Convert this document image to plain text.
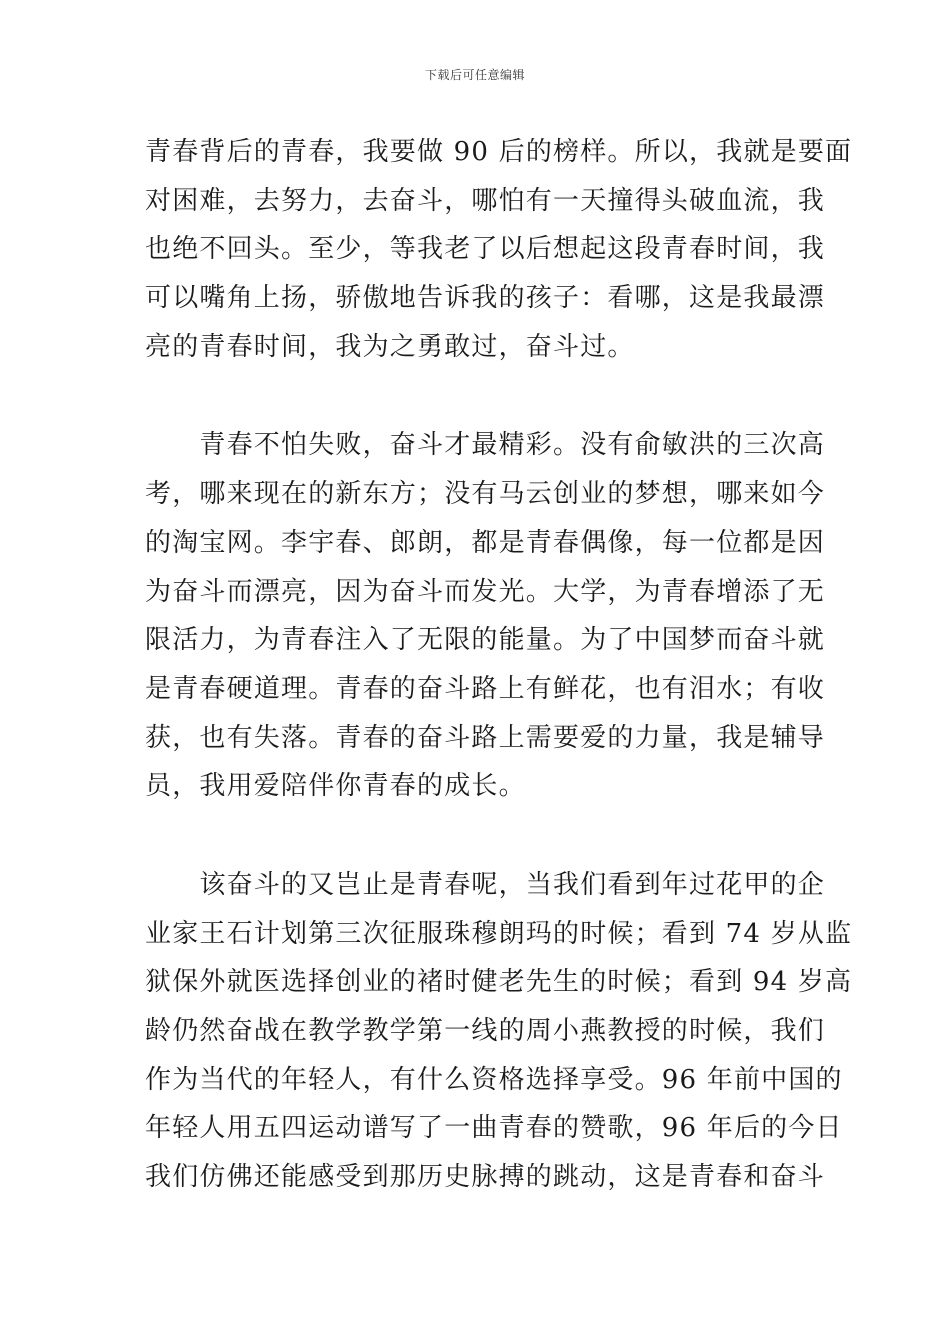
下载后可任意编辑
青春背后的青春，我要做 90 后的榜样。所以，我就是要面
对困难，去努力，去奋斗，哪怕有一天撞得头破血流，我
也绝不回头。至少，等我老了以后想起这段青春时间，我
可以嘴角上扬，骄傲地告诉我的孩子：看哪，这是我最漂
亮的青春时间，我为之勇敢过，奋斗过。
　　青春不怕失败，奋斗才最精彩。没有俞敏洪的三次高
考，哪来现在的新东方；没有马云创业的梦想，哪来如今
的淘宝网。李宇春、郎朗，都是青春偶像，每一位都是因
为奋斗而漂亮，因为奋斗而发光。大学，为青春增添了无
限活力，为青春注入了无限的能量。为了中国梦而奋斗就
是青春硬道理。青春的奋斗路上有鲜花，也有泪水；有收
获，也有失落。青春的奋斗路上需要爱的力量，我是辅导
员，我用爱陪伴你青春的成长。
　　该奋斗的又岂止是青春呢，当我们看到年过花甲的企
业家王石计划第三次征服珠穆朗玛的时候；看到 74 岁从监
狱保外就医选择创业的褚时健老先生的时候；看到 94 岁高
龄仍然奋战在教学教学第一线的周小燕教授的时候，我们
作为当代的年轻人，有什么资格选择享受。96 年前中国的
年轻人用五四运动谱写了一曲青春的赞歌，96 年后的今日
我们仿佛还能感受到那历史脉搏的跳动，这是青春和奋斗
